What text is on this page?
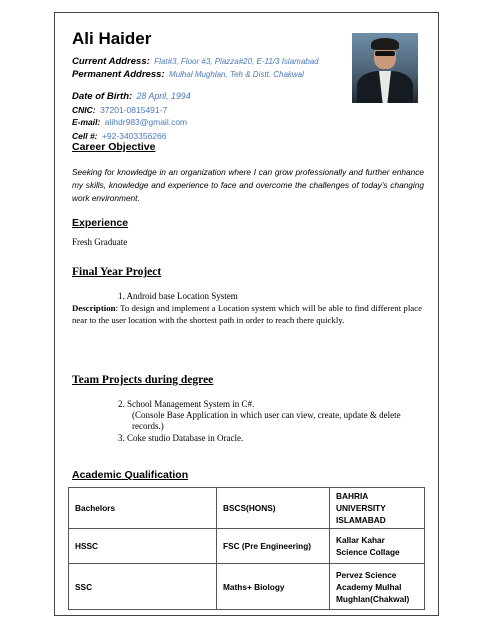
Ali Haider
Current Address: Flat#3, Floor #3, Plazza#20, E-11/3 Islamabad
Permanent Address: Mulhal Mughlan, Teh & Distt. Chakwal
Date of Birth: 28 April, 1994
CNIC: 37201-0815491-7
E-mail: alihdr983@gmail.com
Cell #: +92-3403356266
Career Objective
Seeking for knowledge in an organization where I can grow professionally and further enhance my skills, knowledge and experience to face and overcome the challenges of today’s changing work environment.
Experience
Fresh Graduate
Final Year Project
1. Android base Location System
Description: To design and implement a Location system which will be able to find different place near to the user location with the shortest path in order to reach there quickly.
Team Projects during degree
2. School Management System in C#.
(Console Base Application in which user can view, create, update & delete
records.)
3. Coke studio Database in Oracle.
Academic Qualification
Bachelors	BSCS(HONS)	BAHRIA UNIVERSITY ISLAMABAD
HSSC	FSC (Pre Engineering)	Kallar Kahar Science Collage
SSC	Maths+ Biology	Pervez Science Academy Mulhal Mughlan(Chakwal)
